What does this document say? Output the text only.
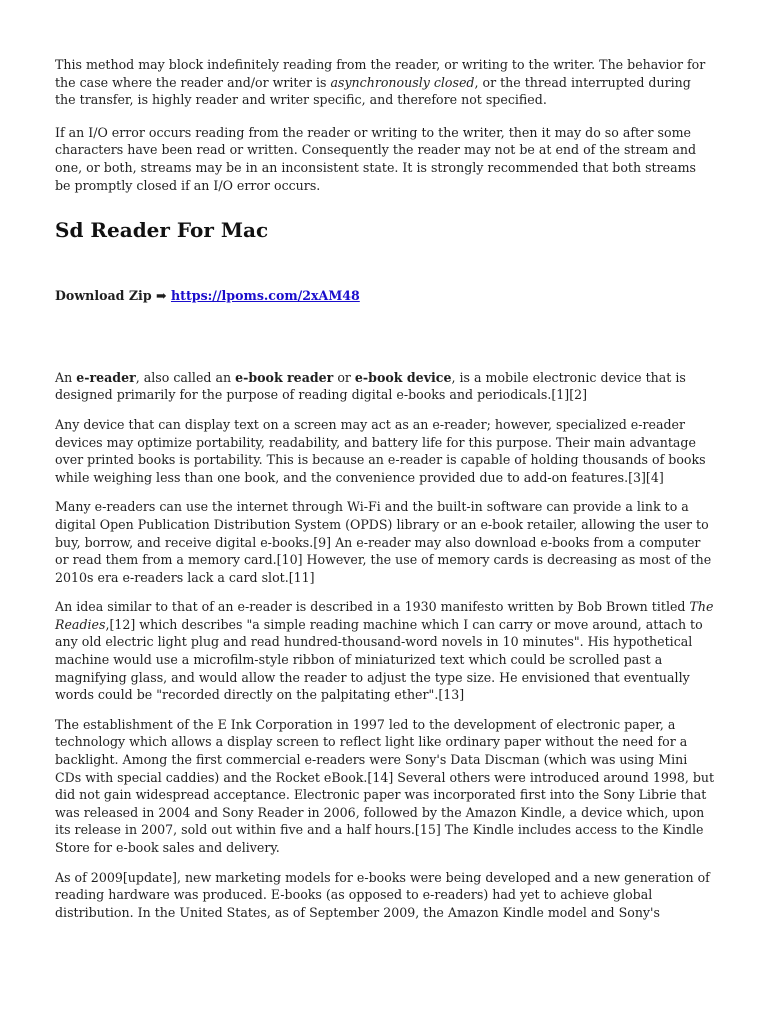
This method may block indefinitely reading from the reader, or writing to the writer. The behavior for the case where the reader and/or writer is asynchronously closed, or the thread interrupted during the transfer, is highly reader and writer specific, and therefore not specified.

If an I/O error occurs reading from the reader or writing to the writer, then it may do so after some characters have been read or written. Consequently the reader may not be at end of the stream and one, or both, streams may be in an inconsistent state. It is strongly recommended that both streams be promptly closed if an I/O error occurs.

Sd Reader For Mac
Download Zip ➡ https://lpoms.com/2xAM48

An e-reader, also called an e-book reader or e-book device, is a mobile electronic device that is designed primarily for the purpose of reading digital e-books and periodicals.[1][2]

Any device that can display text on a screen may act as an e-reader; however, specialized e-reader devices may optimize portability, readability, and battery life for this purpose. Their main advantage over printed books is portability. This is because an e-reader is capable of holding thousands of books while weighing less than one book, and the convenience provided due to add-on features.[3][4]

Many e-readers can use the internet through Wi-Fi and the built-in software can provide a link to a digital Open Publication Distribution System (OPDS) library or an e-book retailer, allowing the user to buy, borrow, and receive digital e-books.[9] An e-reader may also download e-books from a computer or read them from a memory card.[10] However, the use of memory cards is decreasing as most of the 2010s era e-readers lack a card slot.[11]

An idea similar to that of an e-reader is described in a 1930 manifesto written by Bob Brown titled The Readies,[12] which describes "a simple reading machine which I can carry or move around, attach to any old electric light plug and read hundred-thousand-word novels in 10 minutes". His hypothetical machine would use a microfilm-style ribbon of miniaturized text which could be scrolled past a magnifying glass, and would allow the reader to adjust the type size. He envisioned that eventually words could be "recorded directly on the palpitating ether".[13]

The establishment of the E Ink Corporation in 1997 led to the development of electronic paper, a technology which allows a display screen to reflect light like ordinary paper without the need for a backlight. Among the first commercial e-readers were Sony's Data Discman (which was using Mini CDs with special caddies) and the Rocket eBook.[14] Several others were introduced around 1998, but did not gain widespread acceptance. Electronic paper was incorporated first into the Sony Librie that was released in 2004 and Sony Reader in 2006, followed by the Amazon Kindle, a device which, upon its release in 2007, sold out within five and a half hours.[15] The Kindle includes access to the Kindle Store for e-book sales and delivery.

As of 2009[update], new marketing models for e-books were being developed and a new generation of reading hardware was produced. E-books (as opposed to e-readers) had yet to achieve global distribution. In the United States, as of September 2009, the Amazon Kindle model and Sony's
